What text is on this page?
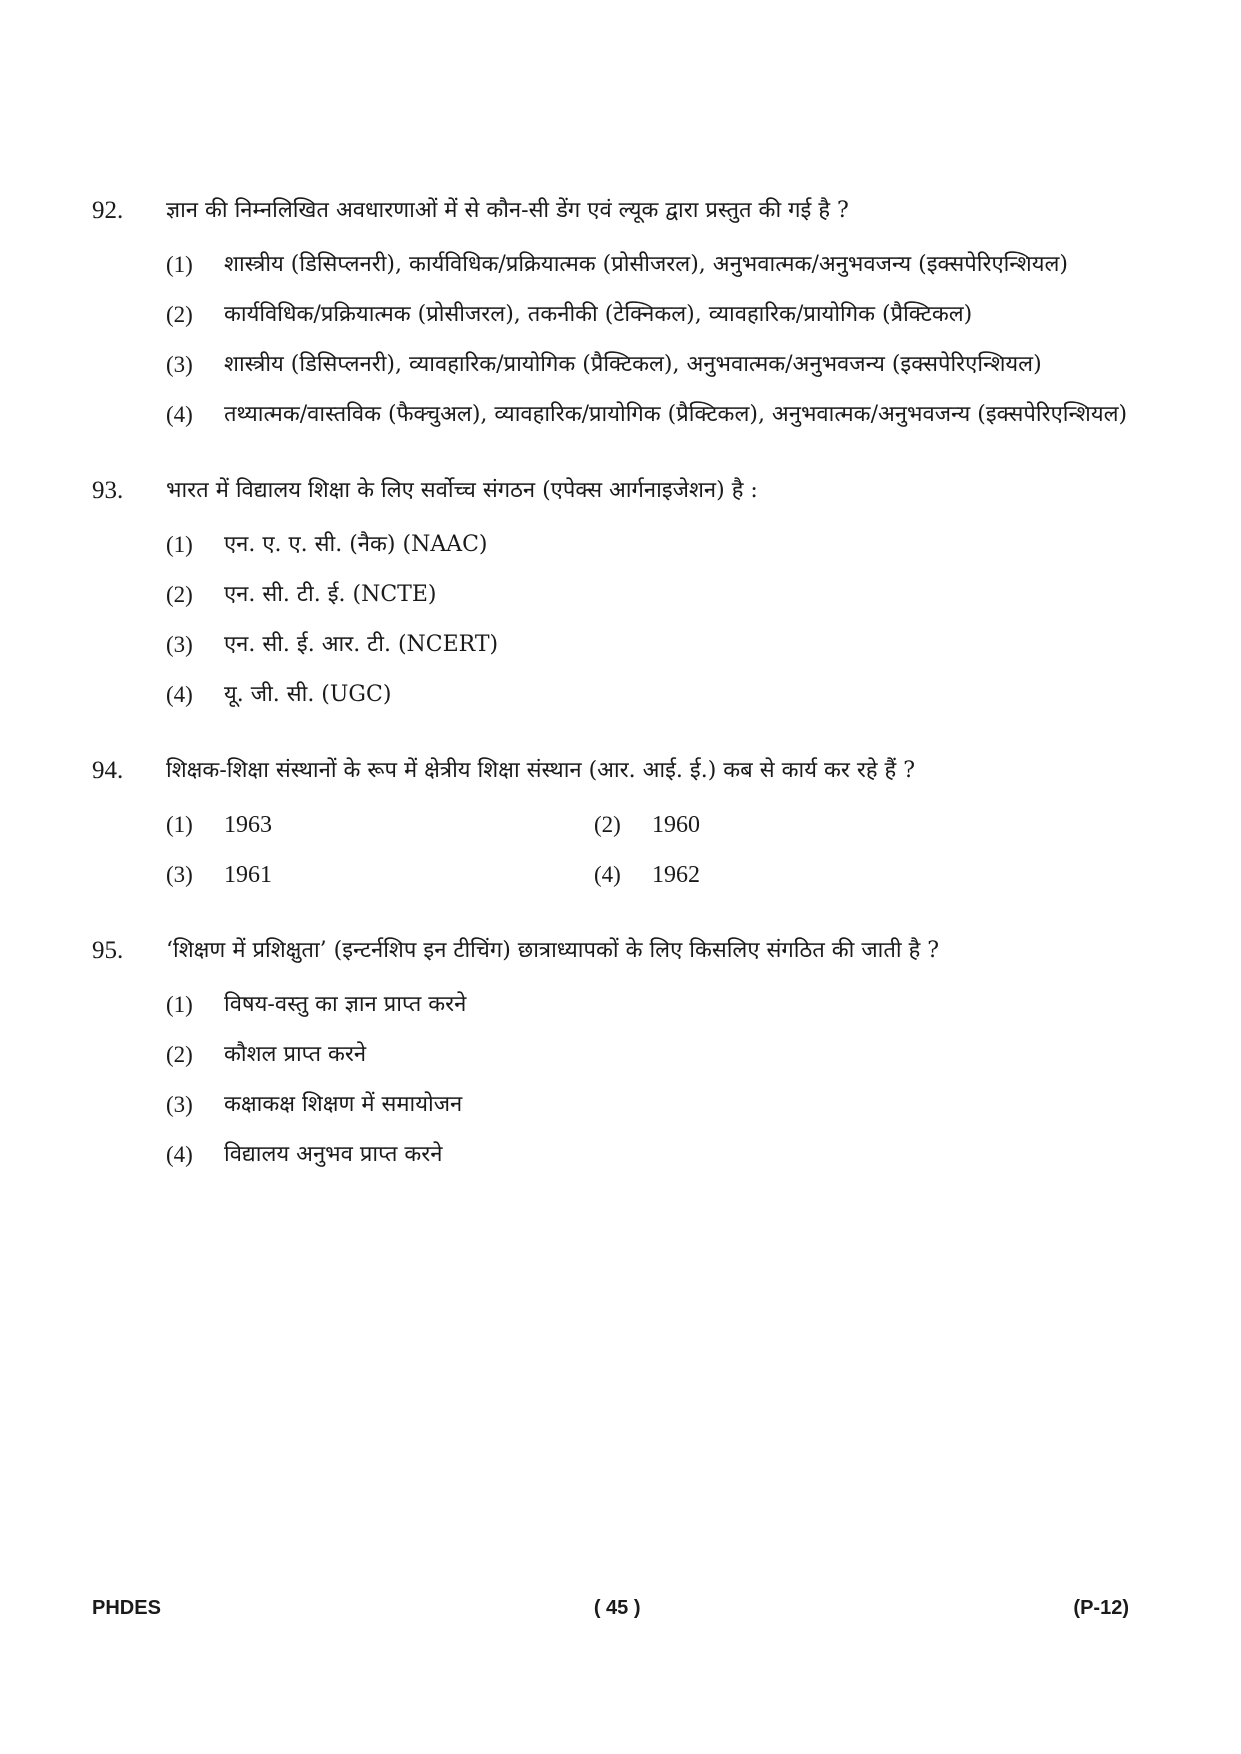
92.	ज्ञान की निम्नलिखित अवधारणाओं में से कौन-सी डेंग एवं ल्यूक द्वारा प्रस्तुत की गई है ?
(1)	शास्त्रीय (डिसिप्लनरी), कार्यविधिक/प्रक्रियात्मक (प्रोसीजरल), अनुभवात्मक/अनुभवजन्य (इक्सपेरिएन्शियल)
(2)	कार्यविधिक/प्रक्रियात्मक (प्रोसीजरल), तकनीकी (टेक्निकल), व्यावहारिक/प्रायोगिक (प्रैक्टिकल)
(3)	शास्त्रीय (डिसिप्लनरी), व्यावहारिक/प्रायोगिक (प्रैक्टिकल), अनुभवात्मक/अनुभवजन्य (इक्सपेरिएन्शियल)
(4)	तथ्यात्मक/वास्तविक (फैक्चुअल), व्यावहारिक/प्रायोगिक (प्रैक्टिकल), अनुभवात्मक/अनुभवजन्य (इक्सपेरिएन्शियल)
93.	भारत में विद्यालय शिक्षा के लिए सर्वोच्च संगठन (एपेक्स आर्गनाइजेशन) है :
(1)	एन. ए. ए. सी. (नैक) (NAAC)
(2)	एन. सी. टी. ई. (NCTE)
(3)	एन. सी. ई. आर. टी. (NCERT)
(4)	यू. जी. सी. (UGC)
94.	शिक्षक-शिक्षा संस्थानों के रूप में क्षेत्रीय शिक्षा संस्थान (आर. आई. ई.) कब से कार्य कर रहे हैं ?
(1)	1963	(2)	1960
(3)	1961	(4)	1962
95.	‘शिक्षण में प्रशिक्षुता’ (इन्टर्नशिप इन टीचिंग) छात्राध्यापकों के लिए किसलिए संगठित की जाती है ?
(1)	विषय-वस्तु का ज्ञान प्राप्त करने
(2)	कौशल प्राप्त करने
(3)	कक्षाकक्ष शिक्षण में समायोजन
(4)	विद्यालय अनुभव प्राप्त करने
PHDES	( 45 )	(P-12)
